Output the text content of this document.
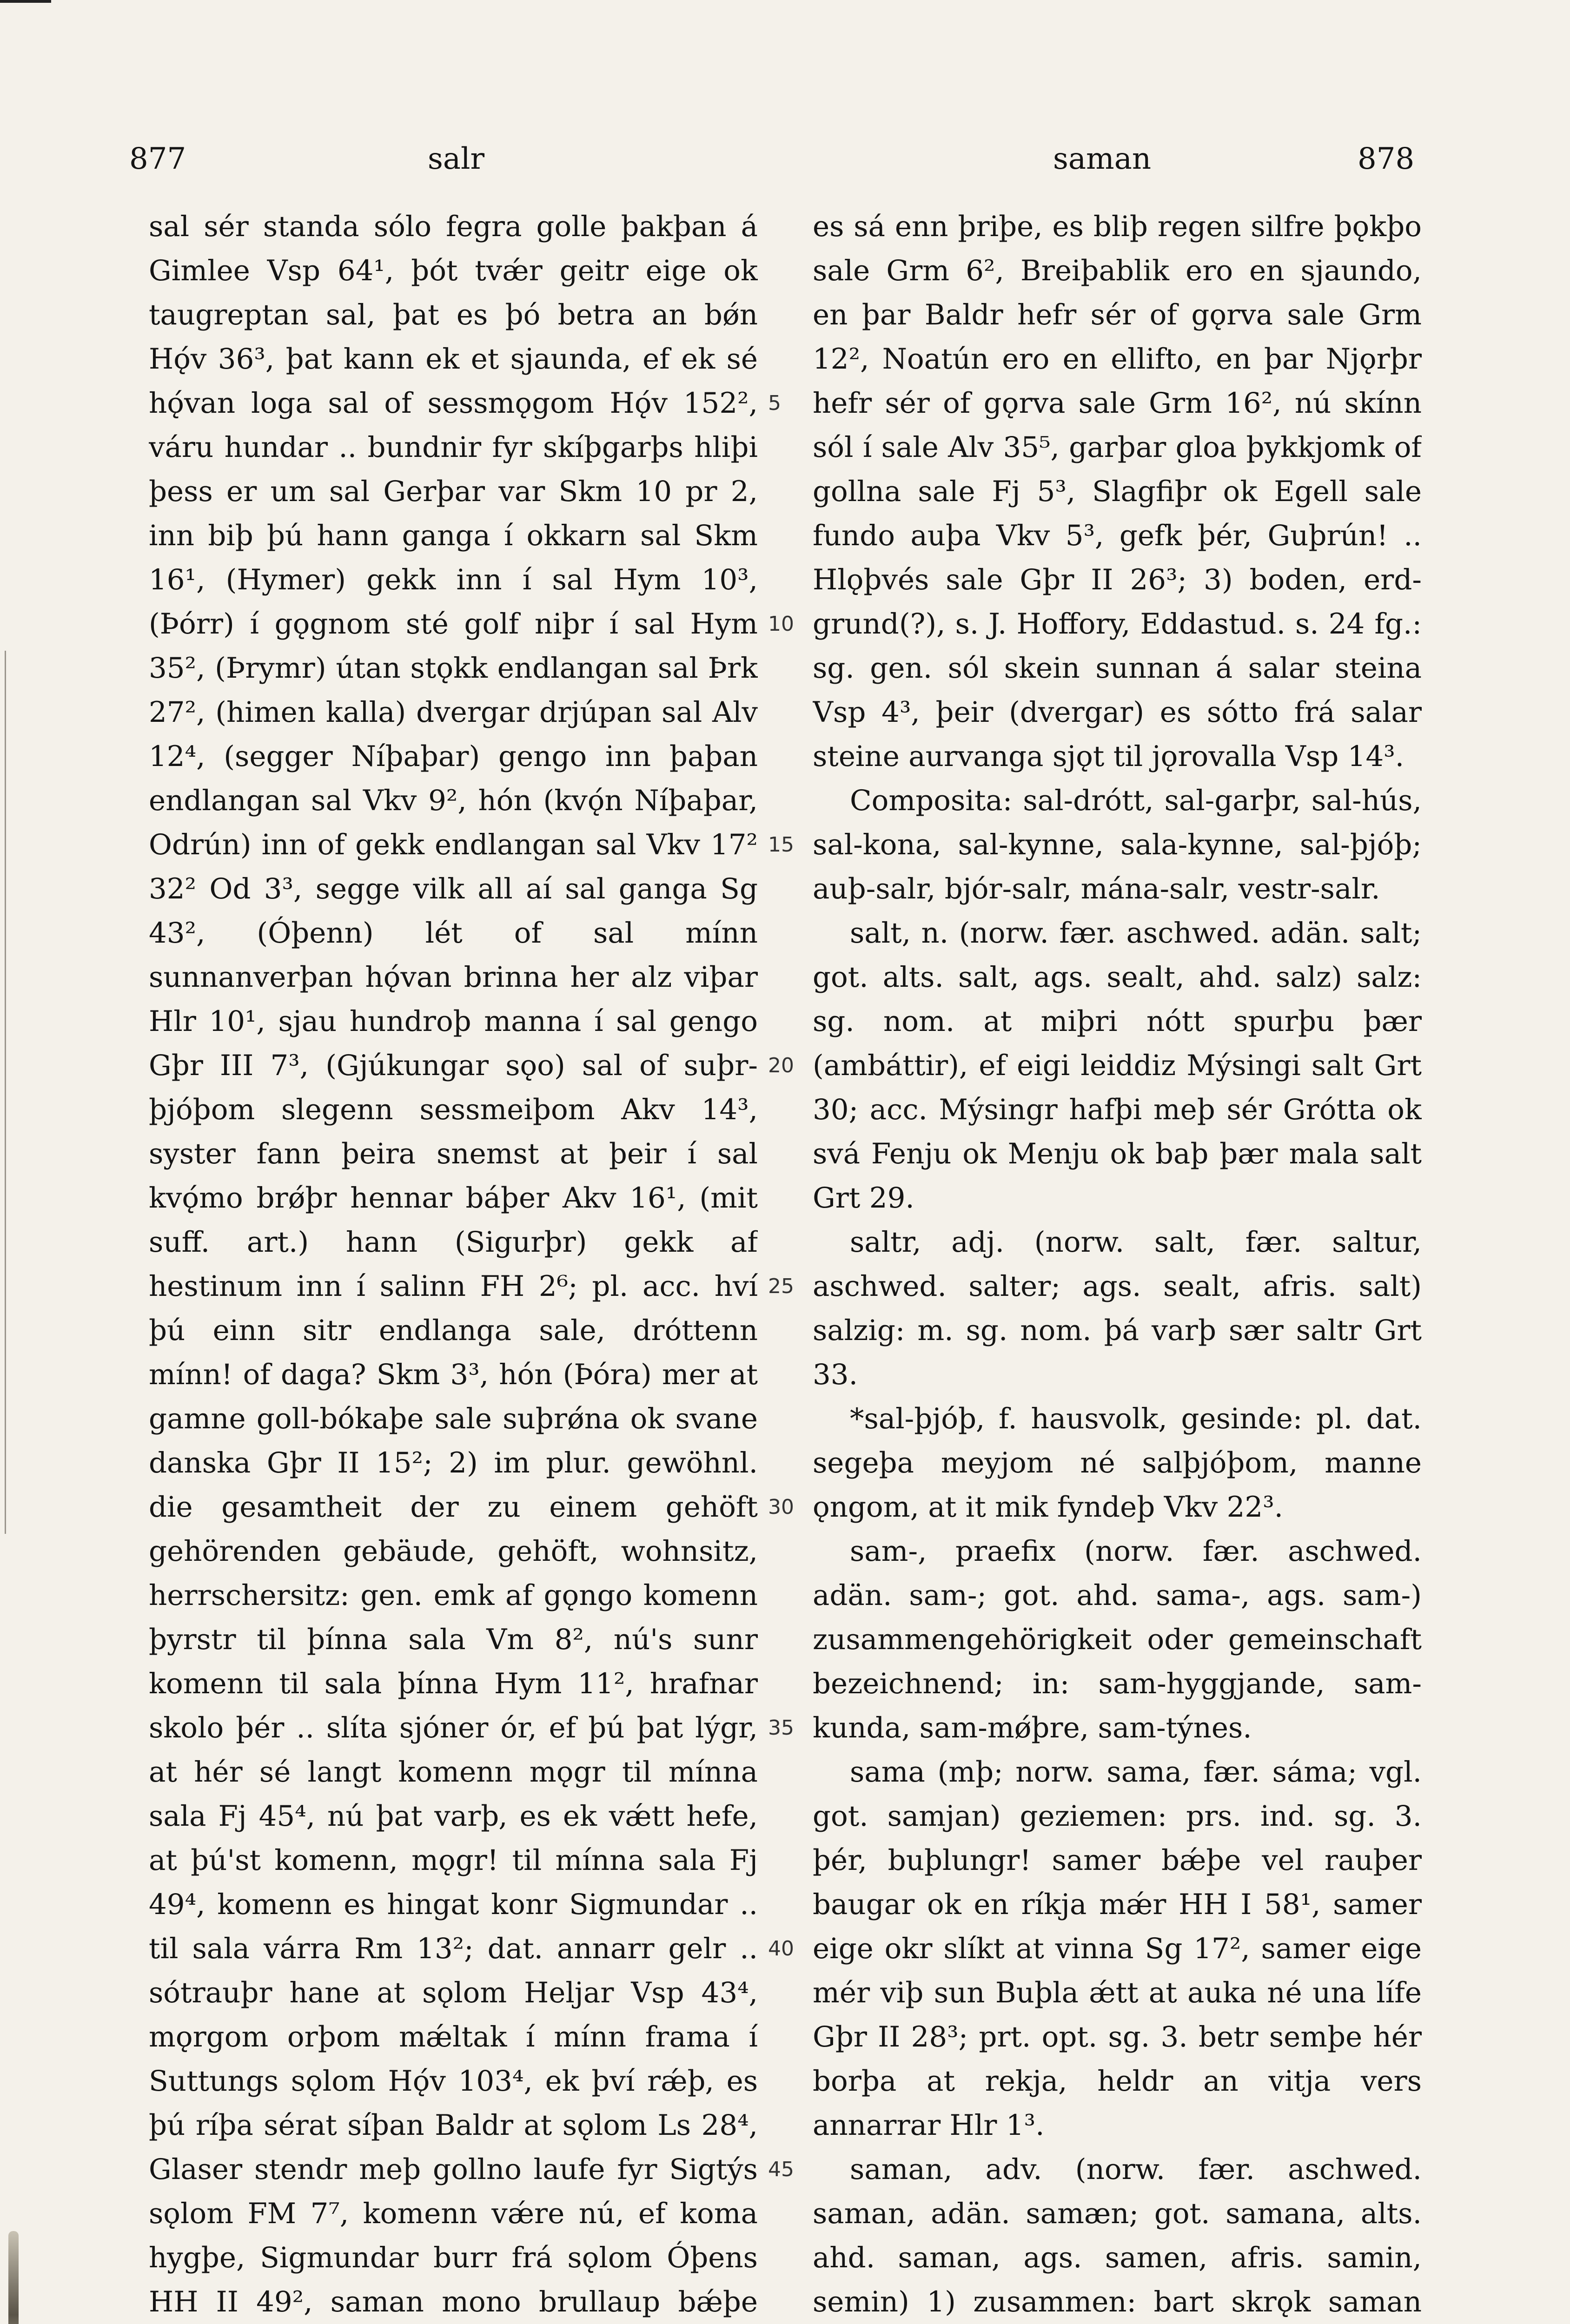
877	salr	saman	878

sal sér standa sólo fegra golle þakþan á Gimlee Vsp 64¹, þót tvǽr geitr eige ok taugreptan sal, þat es þó betra an bǿn Hǫ́v 36³, þat kann ek et sjaunda, ef ek sé hǫ́van loga sal of sessmǫgom Hǫ́v 152², váru hundar .. bundnir fyr skíþgarþs hliþi þess er um sal Gerþar var Skm 10 pr 2, inn biþ þú hann ganga í okkarn sal Skm 16¹, (Hymer) gekk inn í sal Hym 10³, (Þórr) í gǫgnom sté golf niþr í sal Hym 35², (Þrymr) útan stǫkk endlangan sal Þrk 27², (himen kalla) dvergar drjúpan sal Alv 12⁴, (segger Níþaþar) gengo inn þaþan endlangan sal Vkv 9², hón (kvǫ́n Níþaþar, Odrún) inn of gekk endlangan sal Vkv 17² 32² Od 3³, segge vilk all aí sal ganga Sg 43², (Óþenn) lét of sal mínn sunnanverþan hǫ́van brinna her alz viþar Hlr 10¹, sjau hundroþ manna í sal gengo Gþr III 7³, (Gjúkungar sǫo) sal of suþr-þjóþom slegenn sessmeiþom Akv 14³, syster fann þeira snemst at þeir í sal kvǫ́mo brǿþr hennar báþer Akv 16¹, (mit suff. art.) hann (Sigurþr) gekk af hestinum inn í salinn FH 2⁶; pl. acc. hví þú einn sitr endlanga sale, dróttenn mínn! of daga? Skm 3³, hón (Þóra) mer at gamne goll-bókaþe sale suþrǿna ok svane danska Gþr II 15²; 2) im plur. gewöhnl. die gesamtheit der zu einem gehöft gehörenden gebäude, gehöft, wohnsitz, herrschersitz: gen. emk af gǫngo komenn þyrstr til þínna sala Vm 8², nú's sunr komenn til sala þínna Hym 11², hrafnar skolo þér .. slíta sjóner ór, ef þú þat lýgr, at hér sé langt komenn mǫgr til mínna sala Fj 45⁴, nú þat varþ, es ek vǽtt hefe, at þú'st komenn, mǫgr! til mínna sala Fj 49⁴, komenn es hingat konr Sigmundar .. til sala várra Rm 13²; dat. annarr gelr .. sótrauþr hane at sǫlom Heljar Vsp 43⁴, mǫrgom orþom mǽltak í mínn frama í Suttungs sǫlom Hǫ́v 103⁴, ek því rǽþ, es þú ríþa sérat síþan Baldr at sǫlom Ls 28⁴, Glaser stendr meþ gollno laufe fyr Sigtýs sǫlom FM 7⁷, komenn vǽre nú, ef koma hygþe, Sigmundar burr frá sǫlom Óþens HH II 49², saman mono brullaup bǽþe

5
10
15
20
25
30
35
40
45

es sá enn þriþe, es bliþ regen silfre þǫkþo sale Grm 6², Breiþablik ero en sjaundo, en þar Baldr hefr sér of gǫrva sale Grm 12², Noatún ero en ellifto, en þar Njǫrþr hefr sér of gǫrva sale Grm 16², nú skínn sól í sale Alv 35⁵, garþar gloa þykkjomk of gollna sale Fj 5³, Slagfiþr ok Egell sale fundo auþa Vkv 5³, gefk þér, Guþrún! .. Hlǫþvés sale Gþr II 26³; 3) boden, erd-grund(?), s. J. Hoffory, Eddastud. s. 24 fg.: sg. gen. sól skein sunnan á salar steina Vsp 4³, þeir (dvergar) es sótto frá salar steine aurvanga sjǫt til jǫrovalla Vsp 14³.

Composita: sal-drótt, sal-garþr, sal-hús, sal-kona, sal-kynne, sala-kynne, sal-þjóþ; auþ-salr, bjór-salr, mána-salr, vestr-salr.

salt, n. (norw. fær. aschwed. adän. salt; got. alts. salt, ags. sealt, ahd. salz) salz: sg. nom. at miþri nótt spurþu þær (ambáttir), ef eigi leiddiz Mýsingi salt Grt 30; acc. Mýsingr hafþi meþ sér Grótta ok svá Fenju ok Menju ok baþ þær mala salt Grt 29.

saltr, adj. (norw. salt, fær. saltur, aschwed. salter; ags. sealt, afris. salt) salzig: m. sg. nom. þá varþ sær saltr Grt 33.

*sal-þjóþ, f. hausvolk, gesinde: pl. dat. segeþa meyjom né salþjóþom, manne ǫngom, at it mik fyndeþ Vkv 22³.

sam-, praefix (norw. fær. aschwed. adän. sam-; got. ahd. sama-, ags. sam-) zusammengehörigkeit oder gemeinschaft bezeichnend; in: sam-hyggjande, sam-kunda, sam-mǿþre, sam-týnes.

sama (mþ; norw. sama, fær. sáma; vgl. got. samjan) geziemen: prs. ind. sg. 3. þér, buþlungr! samer bǽþe vel rauþer baugar ok en ríkja mǽr HH I 58¹, samer eige okr slíkt at vinna Sg 17², samer eige mér viþ sun Buþla ǽtt at auka né una lífe Gþr II 28³; prt. opt. sg. 3. betr semþe hér borþa at rekja, heldr an vitja vers annarrar Hlr 1³.

saman, adv. (norw. fær. aschwed. saman, adän. samæn; got. samana, alts. ahd. saman, ags. samen, afris. samin, semin) 1) zusammen: bart skrǫk saman
